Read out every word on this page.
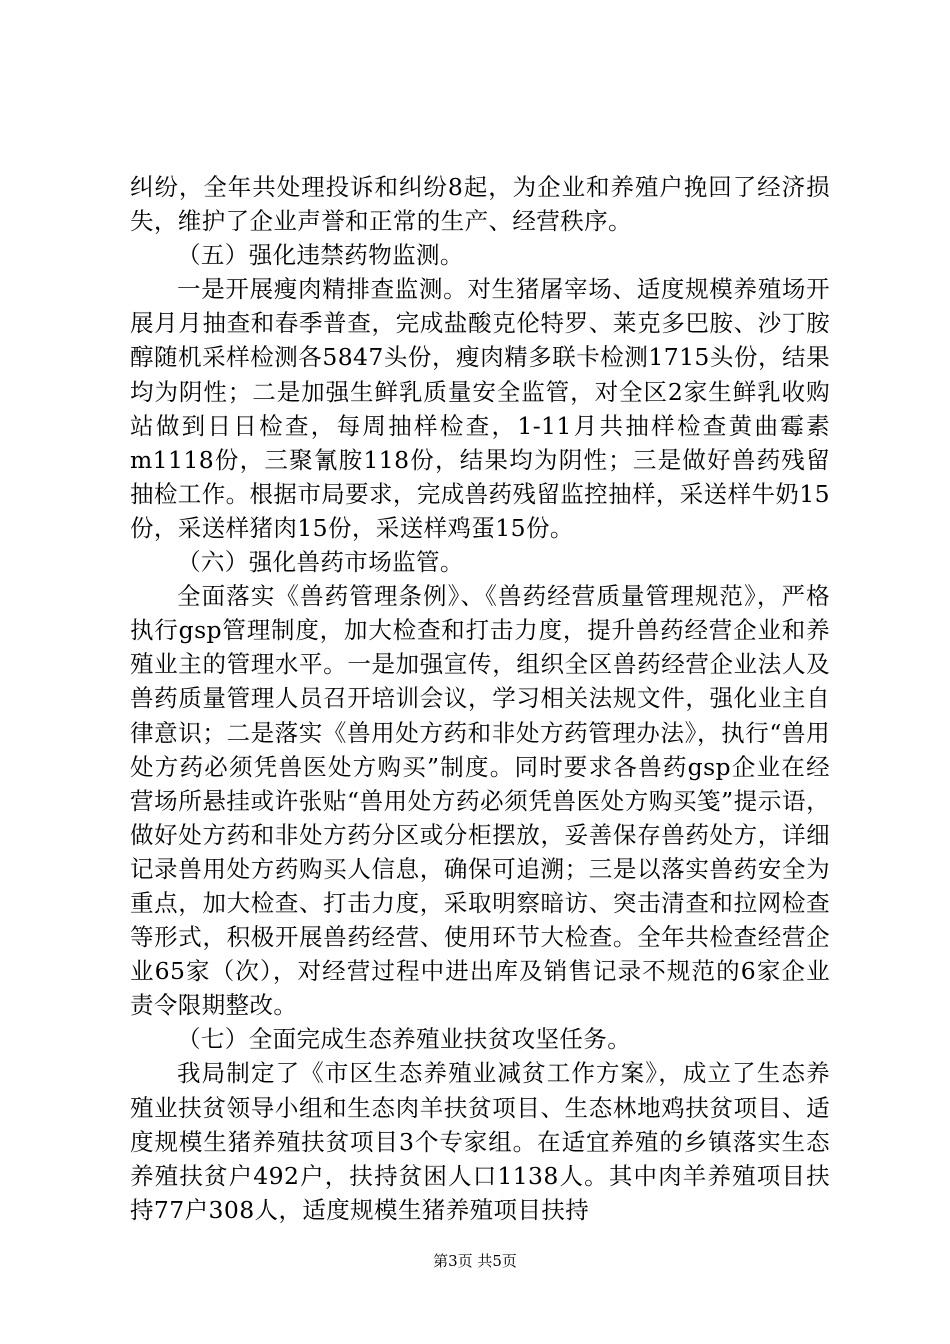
纠纷，全年共处理投诉和纠纷8起，为企业和养殖户挽回了经济损失，维护了企业声誉和正常的生产、经营秩序。

（五）强化违禁药物监测。

一是开展瘦肉精排查监测。对生猪屠宰场、适度规模养殖场开展月月抽查和春季普查，完成盐酸克伦特罗、莱克多巴胺、沙丁胺醇随机采样检测各5847头份，瘦肉精多联卡检测1715头份，结果均为阴性；二是加强生鲜乳质量安全监管，对全区2家生鲜乳收购站做到日日检查，每周抽样检查，1-11月共抽样检查黄曲霉素m1118份，三聚氰胺118份，结果均为阴性；三是做好兽药残留抽检工作。根据市局要求，完成兽药残留监控抽样，采送样牛奶15份，采送样猪肉15份，采送样鸡蛋15份。

（六）强化兽药市场监管。

全面落实《兽药管理条例》、《兽药经营质量管理规范》，严格执行gsp管理制度，加大检查和打击力度，提升兽药经营企业和养殖业主的管理水平。一是加强宣传，组织全区兽药经营企业法人及兽药质量管理人员召开培训会议，学习相关法规文件，强化业主自律意识；二是落实《兽用处方药和非处方药管理办法》，执行“兽用处方药必须凭兽医处方购买”制度。同时要求各兽药gsp企业在经营场所悬挂或许张贴“兽用处方药必须凭兽医处方购买笺”提示语，做好处方药和非处方药分区或分柜摆放，妥善保存兽药处方，详细记录兽用处方药购买人信息，确保可追溯；三是以落实兽药安全为重点，加大检查、打击力度，采取明察暗访、突击清查和拉网检查等形式，积极开展兽药经营、使用环节大检查。全年共检查经营企业65家（次），对经营过程中进出库及销售记录不规范的6家企业责令限期整改。

（七）全面完成生态养殖业扶贫攻坚任务。

我局制定了《市区生态养殖业减贫工作方案》，成立了生态养殖业扶贫领导小组和生态肉羊扶贫项目、生态林地鸡扶贫项目、适度规模生猪养殖扶贫项目3个专家组。在适宜养殖的乡镇落实生态养殖扶贫户492户，扶持贫困人口1138人。其中肉羊养殖项目扶持77户308人，适度规模生猪养殖项目扶持

第3页 共5页
